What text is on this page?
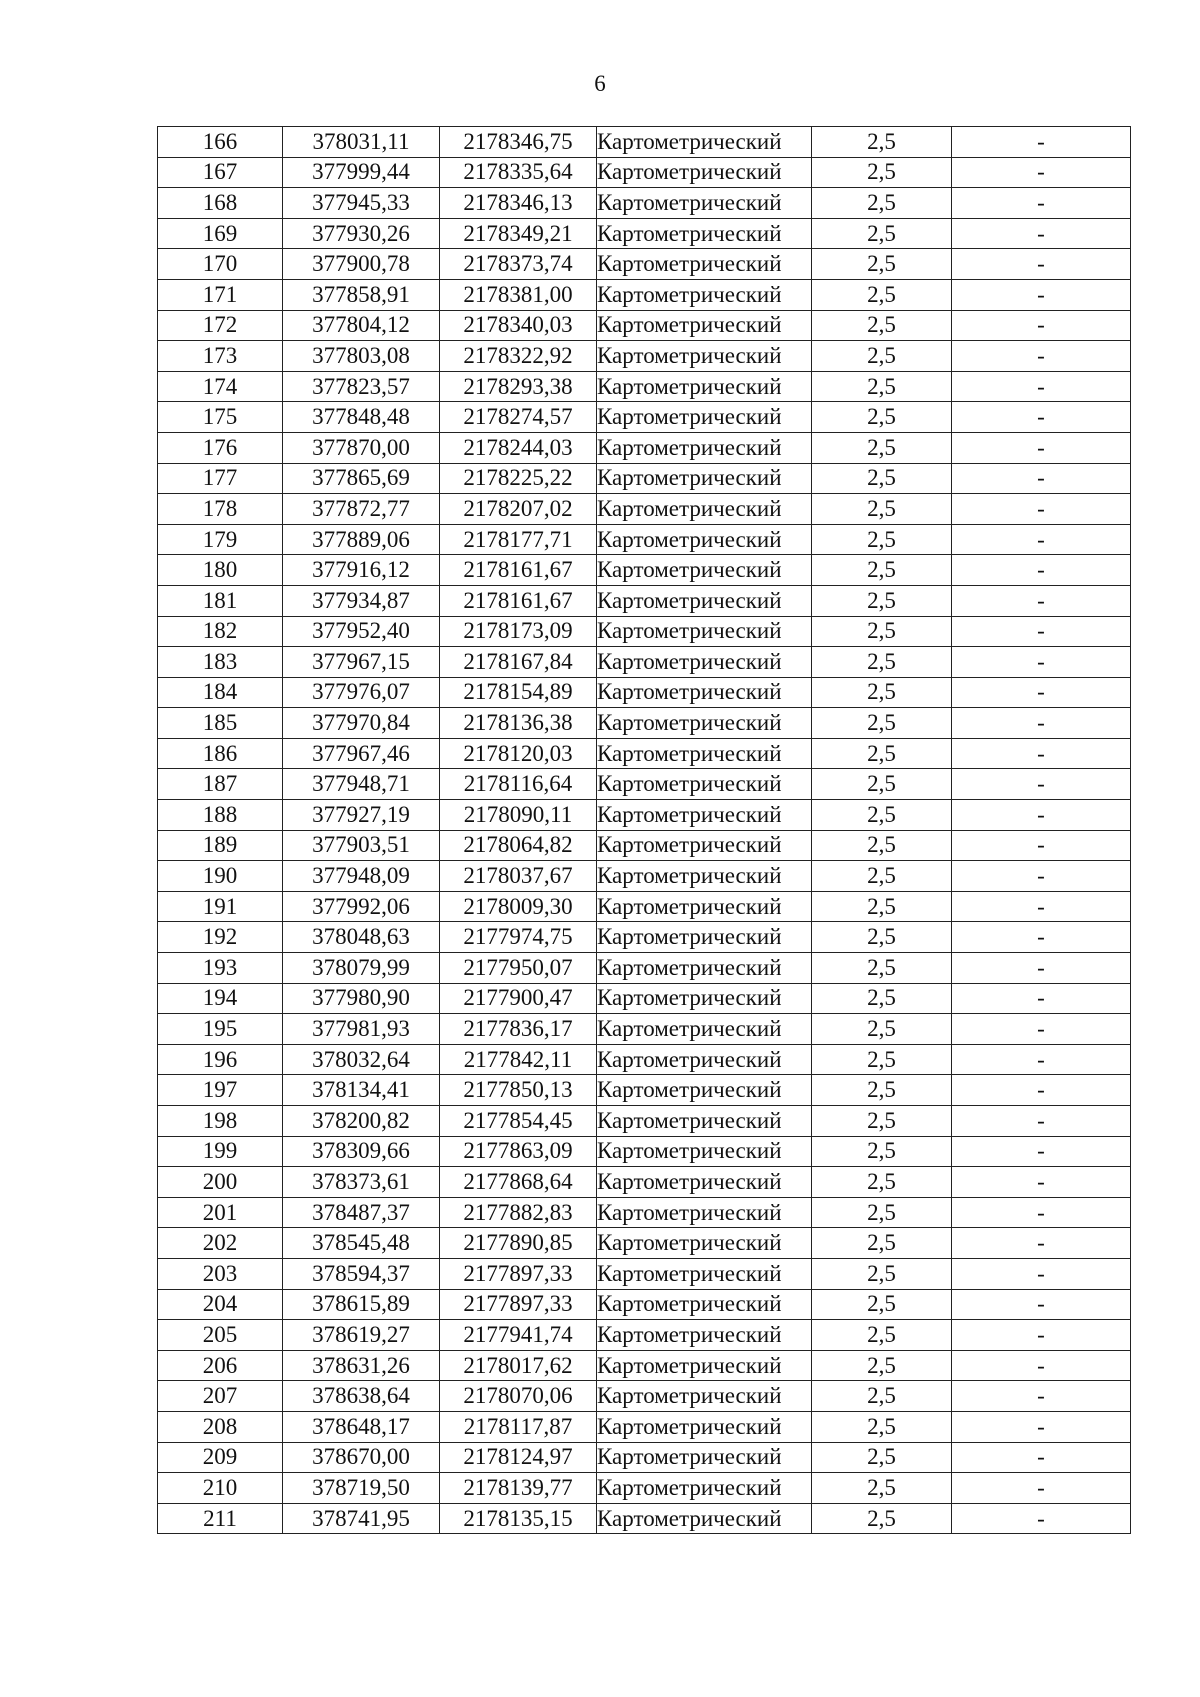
6
166	378031,11	2178346,75	Картометрический	2,5	-
167	377999,44	2178335,64	Картометрический	2,5	-
168	377945,33	2178346,13	Картометрический	2,5	-
169	377930,26	2178349,21	Картометрический	2,5	-
170	377900,78	2178373,74	Картометрический	2,5	-
171	377858,91	2178381,00	Картометрический	2,5	-
172	377804,12	2178340,03	Картометрический	2,5	-
173	377803,08	2178322,92	Картометрический	2,5	-
174	377823,57	2178293,38	Картометрический	2,5	-
175	377848,48	2178274,57	Картометрический	2,5	-
176	377870,00	2178244,03	Картометрический	2,5	-
177	377865,69	2178225,22	Картометрический	2,5	-
178	377872,77	2178207,02	Картометрический	2,5	-
179	377889,06	2178177,71	Картометрический	2,5	-
180	377916,12	2178161,67	Картометрический	2,5	-
181	377934,87	2178161,67	Картометрический	2,5	-
182	377952,40	2178173,09	Картометрический	2,5	-
183	377967,15	2178167,84	Картометрический	2,5	-
184	377976,07	2178154,89	Картометрический	2,5	-
185	377970,84	2178136,38	Картометрический	2,5	-
186	377967,46	2178120,03	Картометрический	2,5	-
187	377948,71	2178116,64	Картометрический	2,5	-
188	377927,19	2178090,11	Картометрический	2,5	-
189	377903,51	2178064,82	Картометрический	2,5	-
190	377948,09	2178037,67	Картометрический	2,5	-
191	377992,06	2178009,30	Картометрический	2,5	-
192	378048,63	2177974,75	Картометрический	2,5	-
193	378079,99	2177950,07	Картометрический	2,5	-
194	377980,90	2177900,47	Картометрический	2,5	-
195	377981,93	2177836,17	Картометрический	2,5	-
196	378032,64	2177842,11	Картометрический	2,5	-
197	378134,41	2177850,13	Картометрический	2,5	-
198	378200,82	2177854,45	Картометрический	2,5	-
199	378309,66	2177863,09	Картометрический	2,5	-
200	378373,61	2177868,64	Картометрический	2,5	-
201	378487,37	2177882,83	Картометрический	2,5	-
202	378545,48	2177890,85	Картометрический	2,5	-
203	378594,37	2177897,33	Картометрический	2,5	-
204	378615,89	2177897,33	Картометрический	2,5	-
205	378619,27	2177941,74	Картометрический	2,5	-
206	378631,26	2178017,62	Картометрический	2,5	-
207	378638,64	2178070,06	Картометрический	2,5	-
208	378648,17	2178117,87	Картометрический	2,5	-
209	378670,00	2178124,97	Картометрический	2,5	-
210	378719,50	2178139,77	Картометрический	2,5	-
211	378741,95	2178135,15	Картометрический	2,5	-
